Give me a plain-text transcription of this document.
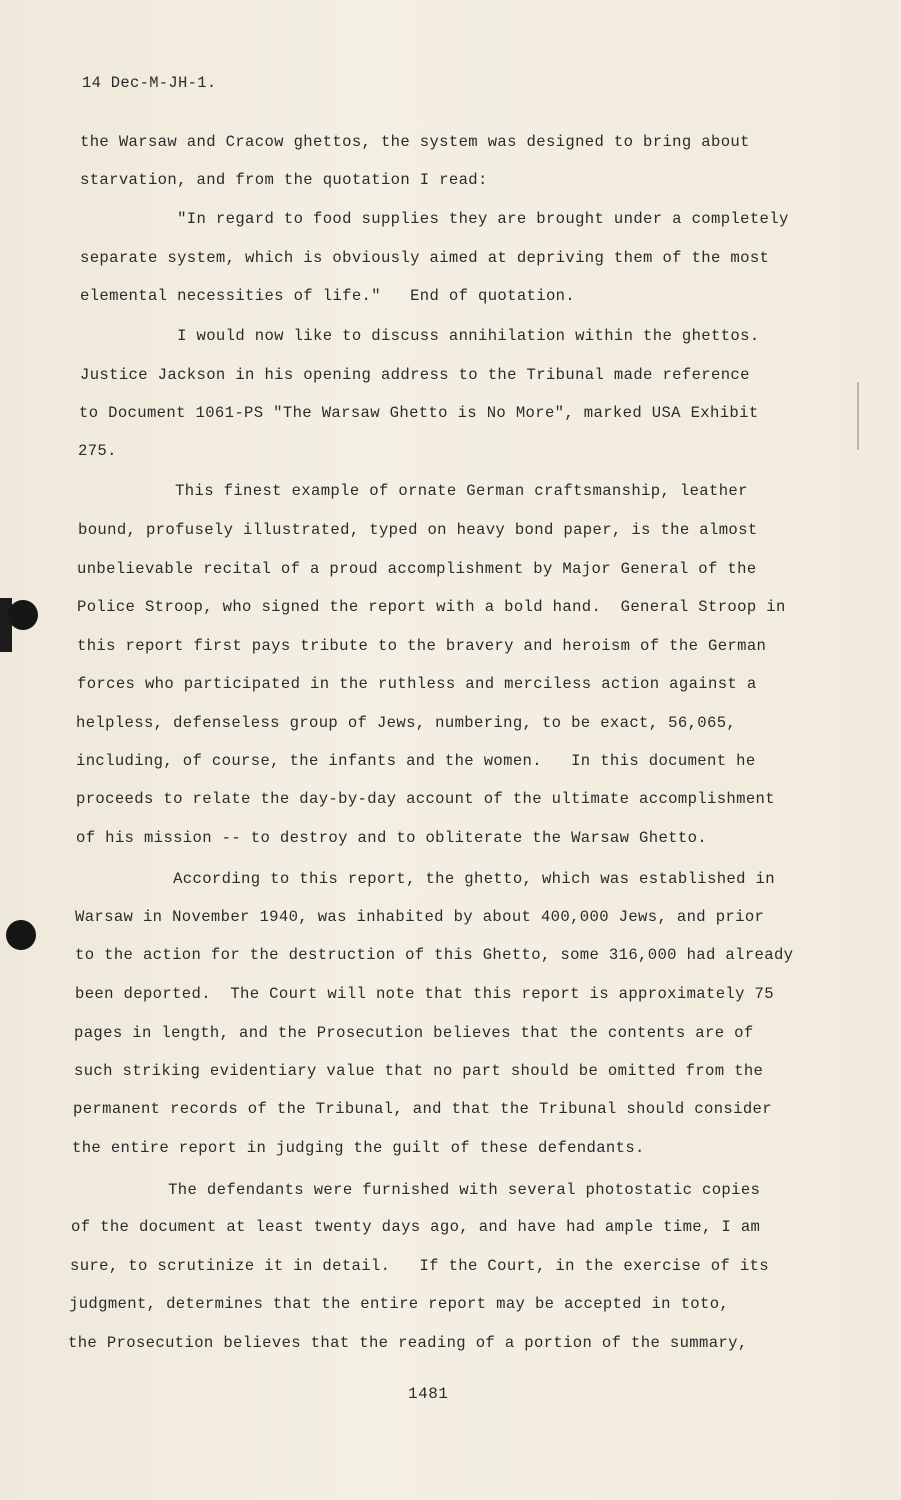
14 Dec-M-JH-1.
the Warsaw and Cracow ghettos, the system was designed to bring about
starvation, and from the quotation I read:
"In regard to food supplies they are brought under a completely
separate system, which is obviously aimed at depriving them of the most
elemental necessities of life."   End of quotation.
I would now like to discuss annihilation within the ghettos.
Justice Jackson in his opening address to the Tribunal made reference
to Document 1061-PS "The Warsaw Ghetto is No More", marked USA Exhibit
275.
This finest example of ornate German craftsmanship, leather
bound, profusely illustrated, typed on heavy bond paper, is the almost
unbelievable recital of a proud accomplishment by Major General of the
Police Stroop, who signed the report with a bold hand.  General Stroop in
this report first pays tribute to the bravery and heroism of the German
forces who participated in the ruthless and merciless action against a
helpless, defenseless group of Jews, numbering, to be exact, 56,065,
including, of course, the infants and the women.   In this document he
proceeds to relate the day-by-day account of the ultimate accomplishment
of his mission -- to destroy and to obliterate the Warsaw Ghetto.
According to this report, the ghetto, which was established in
Warsaw in November 1940, was inhabited by about 400,000 Jews, and prior
to the action for the destruction of this Ghetto, some 316,000 had already
been deported.  The Court will note that this report is approximately 75
pages in length, and the Prosecution believes that the contents are of
such striking evidentiary value that no part should be omitted from the
permanent records of the Tribunal, and that the Tribunal should consider
the entire report in judging the guilt of these defendants.
The defendants were furnished with several photostatic copies
of the document at least twenty days ago, and have had ample time, I am
sure, to scrutinize it in detail.   If the Court, in the exercise of its
judgment, determines that the entire report may be accepted in toto,
the Prosecution believes that the reading of a portion of the summary,
1481
